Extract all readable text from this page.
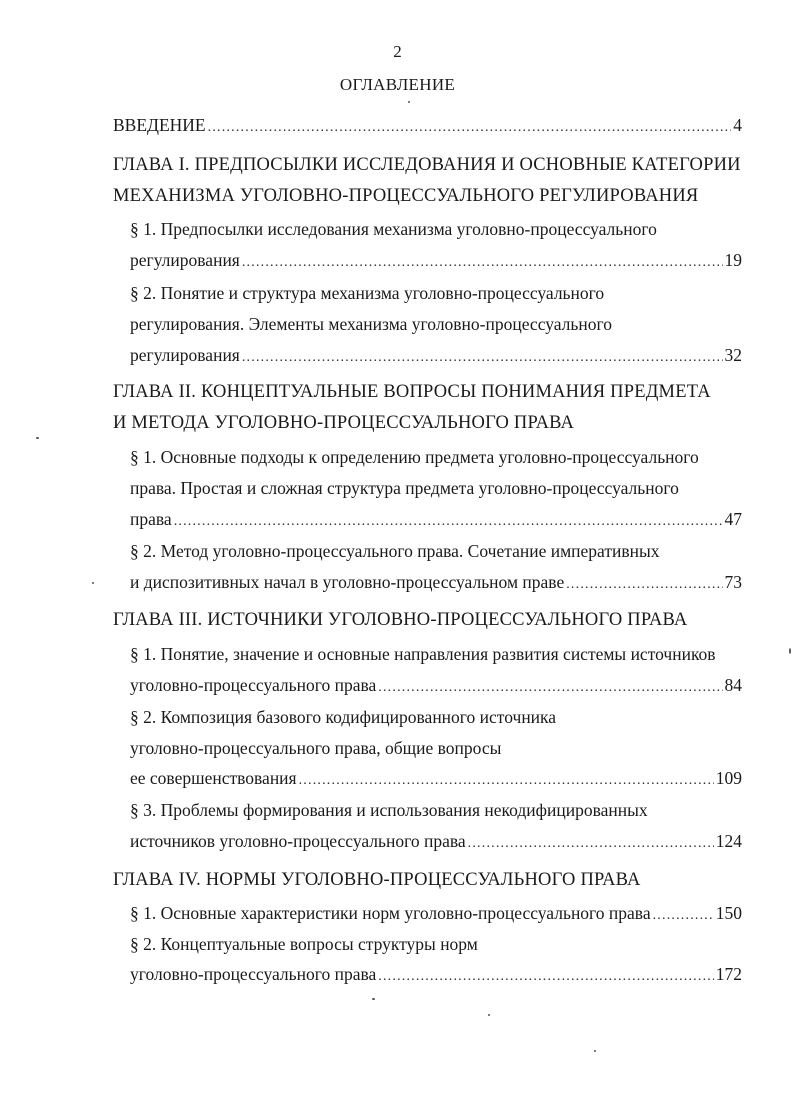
2
ОГЛАВЛЕНИЕ
ВВЕДЕНИЕ .....	4
ГЛАВА I. ПРЕДПОСЫЛКИ ИССЛЕДОВАНИЯ И ОСНОВНЫЕ КАТЕГОРИИ
МЕХАНИЗМА УГОЛОВНО-ПРОЦЕССУАЛЬНОГО РЕГУЛИРОВАНИЯ
§ 1. Предпосылки исследования механизма уголовно-процессуального
регулирования .....	19
§ 2. Понятие и структура механизма уголовно-процессуального
регулирования. Элементы механизма уголовно-процессуального
регулирования .....	32
ГЛАВА II. КОНЦЕПТУАЛЬНЫЕ ВОПРОСЫ ПОНИМАНИЯ ПРЕДМЕТА
И МЕТОДА УГОЛОВНО-ПРОЦЕССУАЛЬНОГО ПРАВА
§ 1. Основные подходы к определению предмета уголовно-процессуального
права. Простая и сложная структура предмета уголовно-процессуального
права .....	47
§ 2. Метод уголовно-процессуального права. Сочетание императивных
и диспозитивных начал в уголовно-процессуальном праве .....	73
ГЛАВА III. ИСТОЧНИКИ УГОЛОВНО-ПРОЦЕССУАЛЬНОГО ПРАВА
§ 1. Понятие, значение и основные направления развития системы источников
уголовно-процессуального права .....	84
§ 2. Композиция базового кодифицированного источника
уголовно-процессуального права, общие вопросы
ее совершенствования .....	109
§ 3. Проблемы формирования и использования некодифицированных
источников уголовно-процессуального права .....	124
ГЛАВА IV. НОРМЫ УГОЛОВНО-ПРОЦЕССУАЛЬНОГО ПРАВА
§ 1. Основные характеристики норм уголовно-процессуального права .....	150
§ 2. Концептуальные вопросы структуры норм
уголовно-процессуального права .....	172
